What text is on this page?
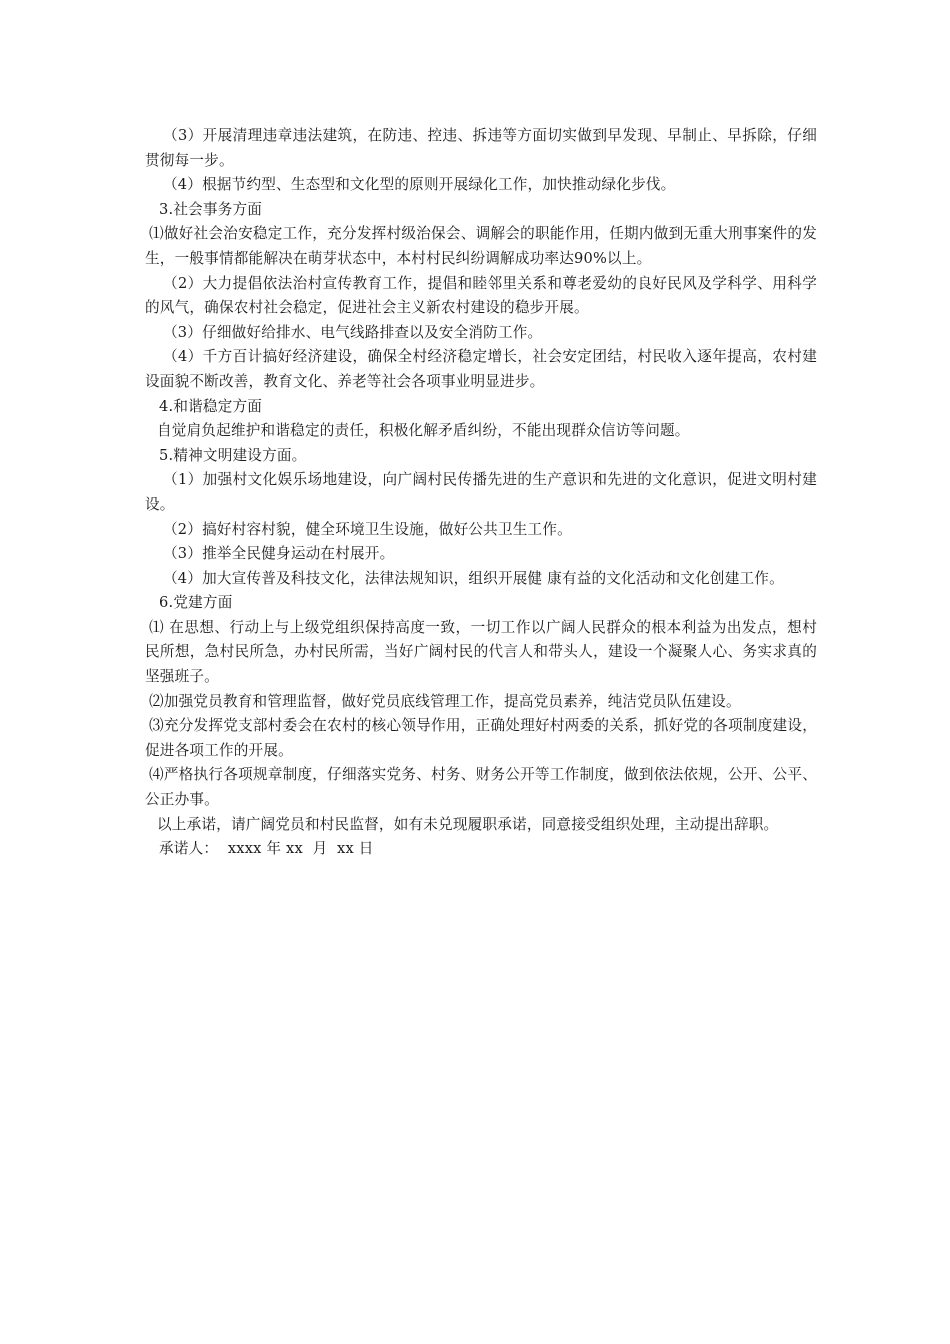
（3）开展清理违章违法建筑，在防违、控违、拆违等方面切实做到早发现、早制止、早拆除，仔细贯彻每一步。

（4）根据节约型、生态型和文化型的原则开展绿化工作，加快推动绿化步伐。

3.社会事务方面

⑴做好社会治安稳定工作，充分发挥村级治保会、调解会的职能作用，任期内做到无重大刑事案件的发生，一般事情都能解决在萌芽状态中，本村村民纠纷调解成功率达90%以上。

（2）大力提倡依法治村宣传教育工作，提倡和睦邻里关系和尊老爱幼的良好民风及学科学、用科学的风气，确保农村社会稳定，促进社会主义新农村建设的稳步开展。

（3）仔细做好给排水、电气线路排查以及安全消防工作。

（4）千方百计搞好经济建设，确保全村经济稳定增长，社会安定团结，村民收入逐年提高，农村建设面貌不断改善，教育文化、养老等社会各项事业明显进步。

4.和谐稳定方面

自觉肩负起维护和谐稳定的责任，积极化解矛盾纠纷，不能出现群众信访等问题。

5.精神文明建设方面。

（1）加强村文化娱乐场地建设，向广阔村民传播先进的生产意识和先进的文化意识，促进文明村建设。

（2）搞好村容村貌，健全环境卫生设施，做好公共卫生工作。

（3）推举全民健身运动在村展开。

（4）加大宣传普及科技文化，法律法规知识，组织开展健 康有益的文化活动和文化创建工作。

6.党建方面

⑴ 在思想、行动上与上级党组织保持高度一致，一切工作以广阔人民群众的根本利益为出发点，想村民所想，急村民所急，办村民所需，当好广阔村民的代言人和带头人，建设一个凝聚人心、务实求真的坚强班子。

⑵加强党员教育和管理监督，做好党员底线管理工作，提高党员素养，纯洁党员队伍建设。

⑶充分发挥党支部村委会在农村的核心领导作用，正确处理好村两委的关系，抓好党的各项制度建设，促进各项工作的开展。

⑷严格执行各项规章制度，仔细落实党务、村务、财务公开等工作制度，做到依法依规，公开、公平、公正办事。

以上承诺，请广阔党员和村民监督，如有未兑现履职承诺，同意接受组织处理，主动提出辞职。

承诺人：  xxxx 年 xx  月  xx 日
